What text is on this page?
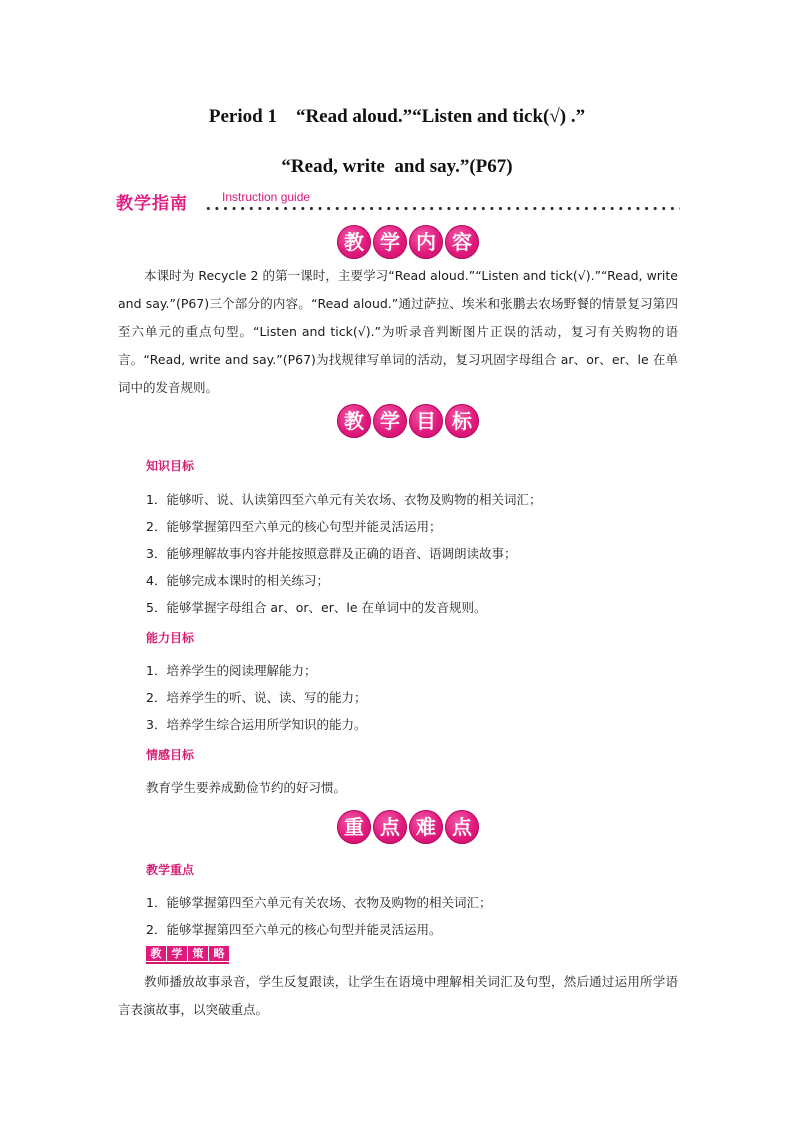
Period 1    “Read aloud.”“Listen and tick(√) .”
“Read, write  and say.”(P67)
教学指南	Instruction guide
教 学 内 容
本课时为 Recycle 2 的第一课时，主要学习“Read aloud.”“Listen and tick(√).”“Read, write and say.”(P67)三个部分的内容。“Read aloud.”通过萨拉、埃米和张鹏去农场野餐的情景复习第四至六单元的重点句型。“Listen and tick(√).”为听录音判断图片正误的活动，复习有关购物的语言。“Read, write and say.”(P67)为找规律写单词的活动，复习巩固字母组合 ar、or、er、le 在单词中的发音规则。
教 学 目 标
知识目标
1．能够听、说、认读第四至六单元有关农场、衣物及购物的相关词汇；
2．能够掌握第四至六单元的核心句型并能灵活运用；
3．能够理解故事内容并能按照意群及正确的语音、语调朗读故事；
4．能够完成本课时的相关练习；
5．能够掌握字母组合 ar、or、er、le 在单词中的发音规则。
能力目标
1．培养学生的阅读理解能力；
2．培养学生的听、说、读、写的能力；
3．培养学生综合运用所学知识的能力。
情感目标
教育学生要养成勤俭节约的好习惯。
重 点 难 点
教学重点
1．能够掌握第四至六单元有关农场、衣物及购物的相关词汇；
2．能够掌握第四至六单元的核心句型并能灵活运用。
教 学 策 略
教师播放故事录音，学生反复跟读，让学生在语境中理解相关词汇及句型，然后通过运用所学语言表演故事，以突破重点。
